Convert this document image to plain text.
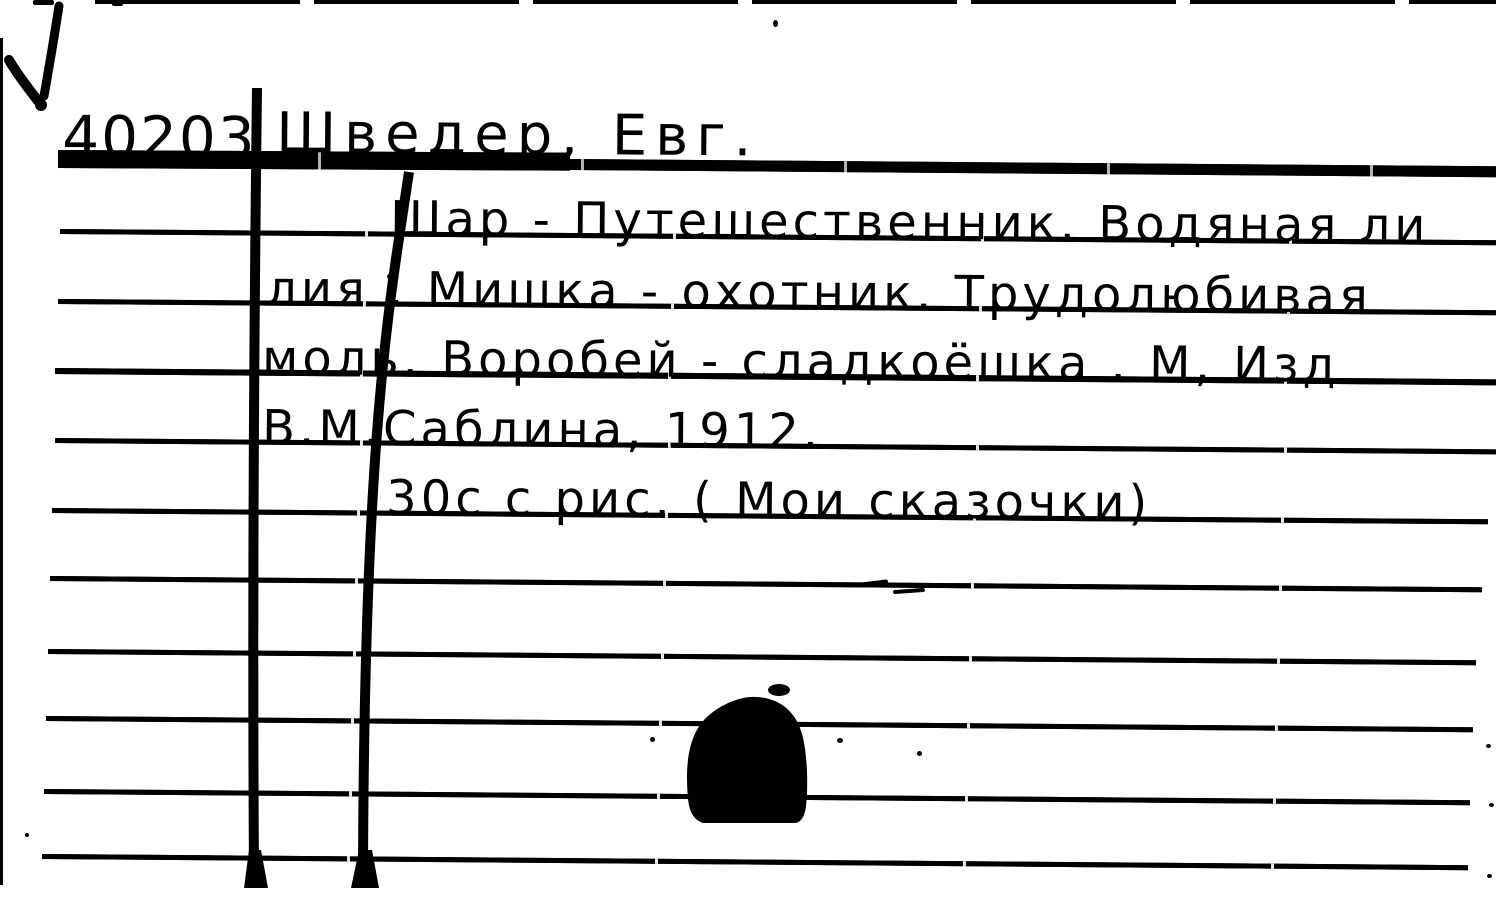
40203 Шведер, Евг.
Шар - Путешественник. Водяная ли
лия . Мишка - охотник. Трудолюбивая
моль. Воробей - сладкоёшка . М, Изд
В.М.Саблина, 1912.
30с с рис. ( Мои сказочки)
